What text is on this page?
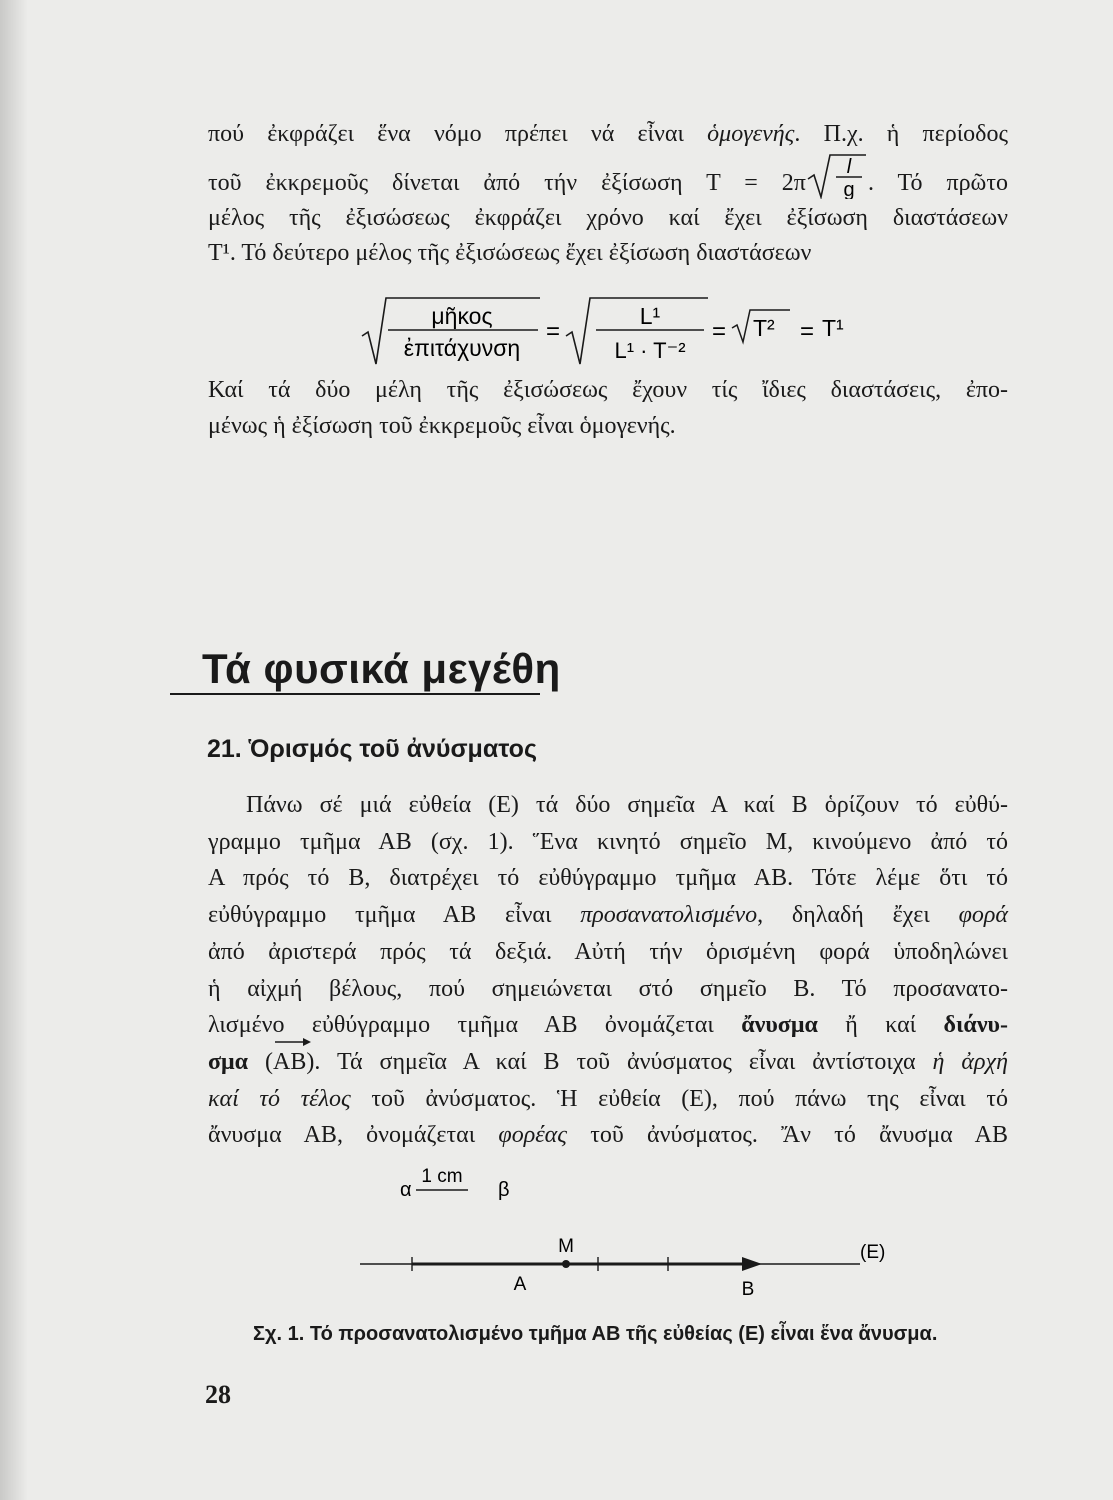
πού ἐκφράζει ἕνα νόμο πρέπει νά εἶναι ὁμογενής. Π.χ. ἡ περίοδος
τοῦ ἐκκρεμοῦς δίνεται ἀπό τήν ἐξίσωση Τ = 2π
l
g . Τό πρῶτο
μέλος τῆς ἐξισώσεως ἐκφράζει χρόνο καί ἔχει ἐξίσωση διαστάσεων
Τ¹. Τό δεύτερο μέλος τῆς ἐξισώσεως ἔχει ἐξίσωση διαστάσεων
μῆκος
ἐπιτάχυνση
=
L¹
L¹ · T⁻²
= T² = T¹
Καί τά δύο μέλη τῆς ἐξισώσεως ἔχουν τίς ἴδιες διαστάσεις, ἐπο-
μένως ἡ ἐξίσωση τοῦ ἐκκρεμοῦς εἶναι ὁμογενής.
Τά φυσικά μεγέθη
21. Ὁρισμός τοῦ ἀνύσματος
Πάνω σέ μιά εὐθεία (Ε) τά δύο σημεῖα Α καί Β ὁρίζουν τό εὐθύ-
γραμμο τμῆμα ΑΒ (σχ. 1). Ἕνα κινητό σημεῖο Μ, κινούμενο ἀπό τό
Α πρός τό Β, διατρέχει τό εὐθύγραμμο τμῆμα ΑΒ. Τότε λέμε ὅτι τό
εὐθύγραμμο τμῆμα ΑΒ εἶναι προσανατολισμένο, δηλαδή ἔχει φορά
ἀπό ἀριστερά πρός τά δεξιά. Αὐτή τήν ὁρισμένη φορά ὑποδηλώνει
ἡ αἰχμή βέλους, πού σημειώνεται στό σημεῖο Β. Τό προσανατο-
λισμένο εὐθύγραμμο τμῆμα ΑΒ ὀνομάζεται ἄνυσμα ἤ καί διάνυ-
σμα (
ΑΒ). Τά σημεῖα Α καί Β τοῦ ἀνύσματος εἶναι ἀντίστοιχα ἡ ἀρχή
καί τό τέλος τοῦ ἀνύσματος. Ἡ εὐθεία (Ε), πού πάνω της εἶναι τό
ἄνυσμα ΑΒ, ὀνομάζεται φορέας τοῦ ἀνύσματος. Ἄν τό ἄνυσμα ΑΒ
α
1 cm
β
Μ
Α	Β
(Ε)
Σχ. 1. Τό προσανατολισμένο τμῆμα ΑΒ τῆς εὐθείας (Ε) εἶναι ἕνα ἄνυσμα.
28
